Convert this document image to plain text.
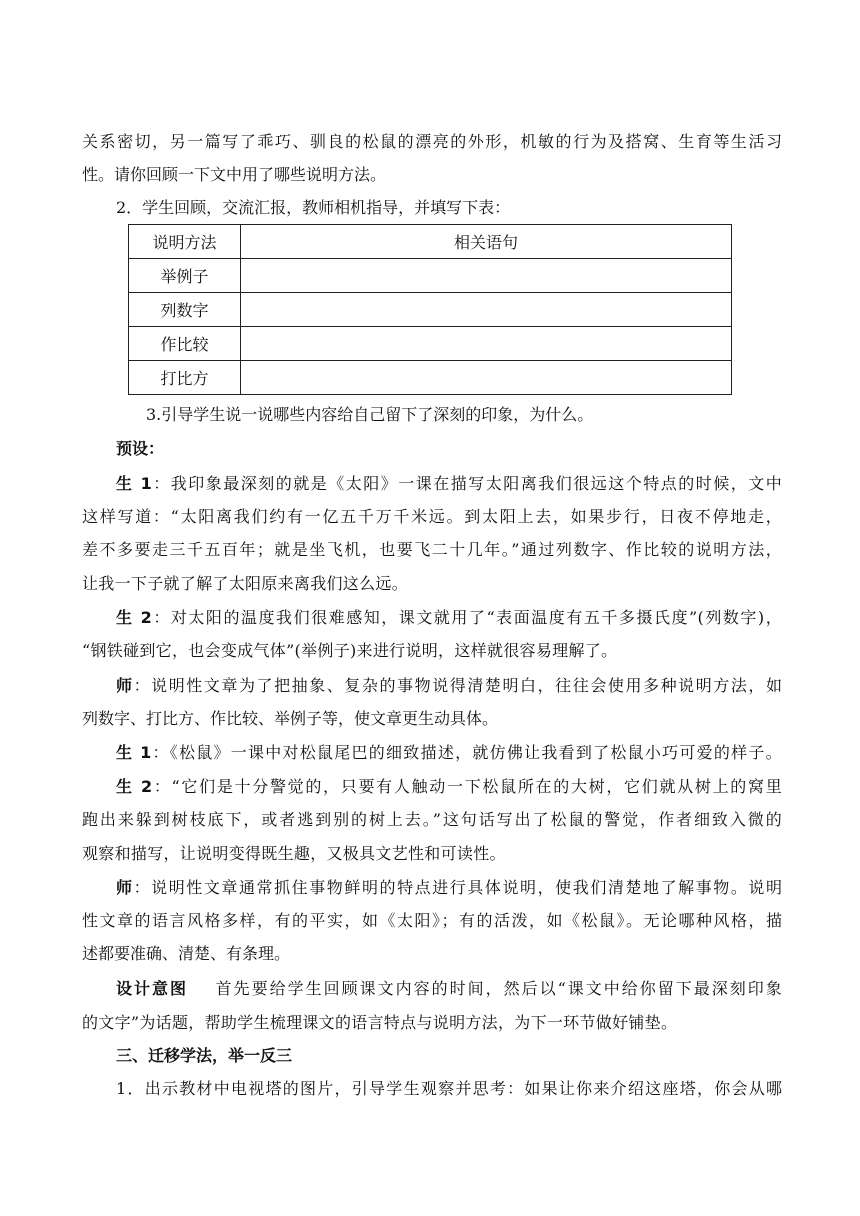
关系密切，另一篇写了乖巧、驯良的松鼠的漂亮的外形，机敏的行为及搭窝、生育等生活习
性。请你回顾一下文中用了哪些说明方法。
2．学生回顾，交流汇报，教师相机指导，并填写下表：
说明方法	相关语句
举例子	
列数字	
作比较	
打比方	
3.引导学生说一说哪些内容给自己留下了深刻的印象，为什么。
预设：
生 1：我印象最深刻的就是《太阳》一课在描写太阳离我们很远这个特点的时候，文中
这样写道：“太阳离我们约有一亿五千万千米远。到太阳上去，如果步行，日夜不停地走，
差不多要走三千五百年；就是坐飞机，也要飞二十几年。”通过列数字、作比较的说明方法，
让我一下子就了解了太阳原来离我们这么远。
生 2：对太阳的温度我们很难感知，课文就用了“表面温度有五千多摄氏度”(列数字)，
“钢铁碰到它，也会变成气体”(举例子)来进行说明，这样就很容易理解了。
师：说明性文章为了把抽象、复杂的事物说得清楚明白，往往会使用多种说明方法，如
列数字、打比方、作比较、举例子等，使文章更生动具体。
生 1：《松鼠》一课中对松鼠尾巴的细致描述，就仿佛让我看到了松鼠小巧可爱的样子。
生 2：“它们是十分警觉的，只要有人触动一下松鼠所在的大树，它们就从树上的窝里
跑出来躲到树枝底下，或者逃到别的树上去。”这句话写出了松鼠的警觉，作者细致入微的
观察和描写，让说明变得既生趣，又极具文艺性和可读性。
师：说明性文章通常抓住事物鲜明的特点进行具体说明，使我们清楚地了解事物。说明
性文章的语言风格多样，有的平实，如《太阳》；有的活泼，如《松鼠》。无论哪种风格，描
述都要准确、清楚、有条理。
设计意图 首先要给学生回顾课文内容的时间，然后以“课文中给你留下最深刻印象
的文字”为话题，帮助学生梳理课文的语言特点与说明方法，为下一环节做好铺垫。
三、迁移学法，举一反三
1．出示教材中电视塔的图片，引导学生观察并思考：如果让你来介绍这座塔，你会从哪
